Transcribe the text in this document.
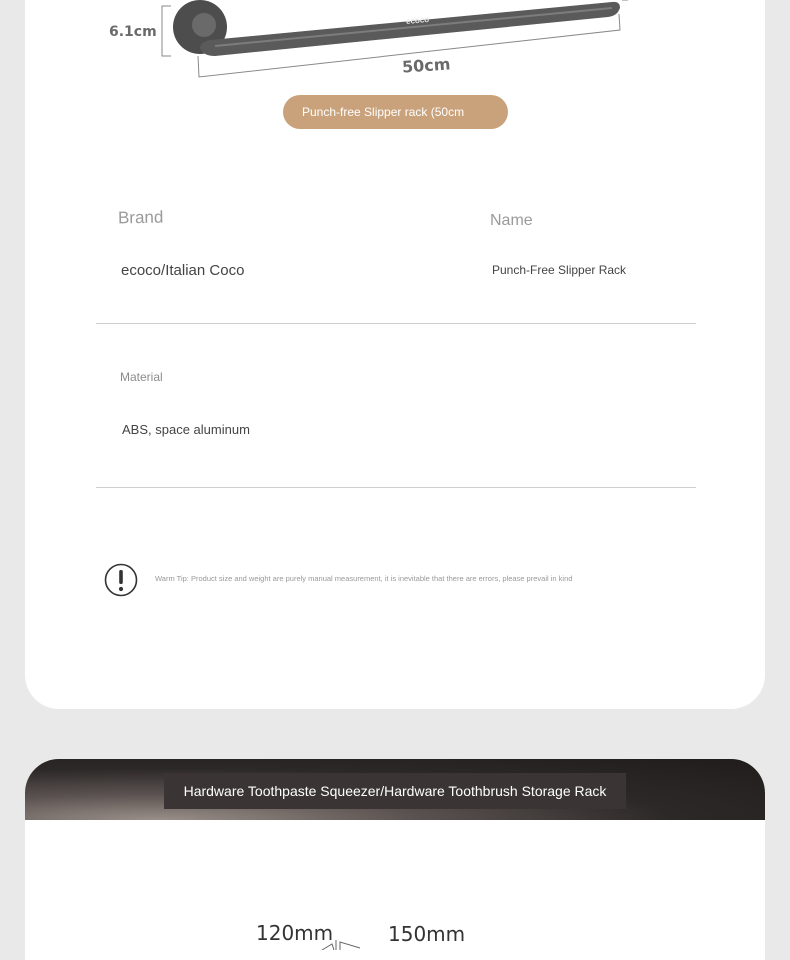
6.1cm
50cm
ecoco
Punch-free Slipper rack (50cm
Brand
ecoco/Italian Coco
Name
Punch-Free Slipper Rack
Material
ABS, space aluminum
Warm Tip: Product size and weight are purely manual measurement, it is inevitable that there are errors, please prevail in kind
Hardware Toothpaste Squeezer/Hardware Toothbrush Storage Rack
120mm	150mm
